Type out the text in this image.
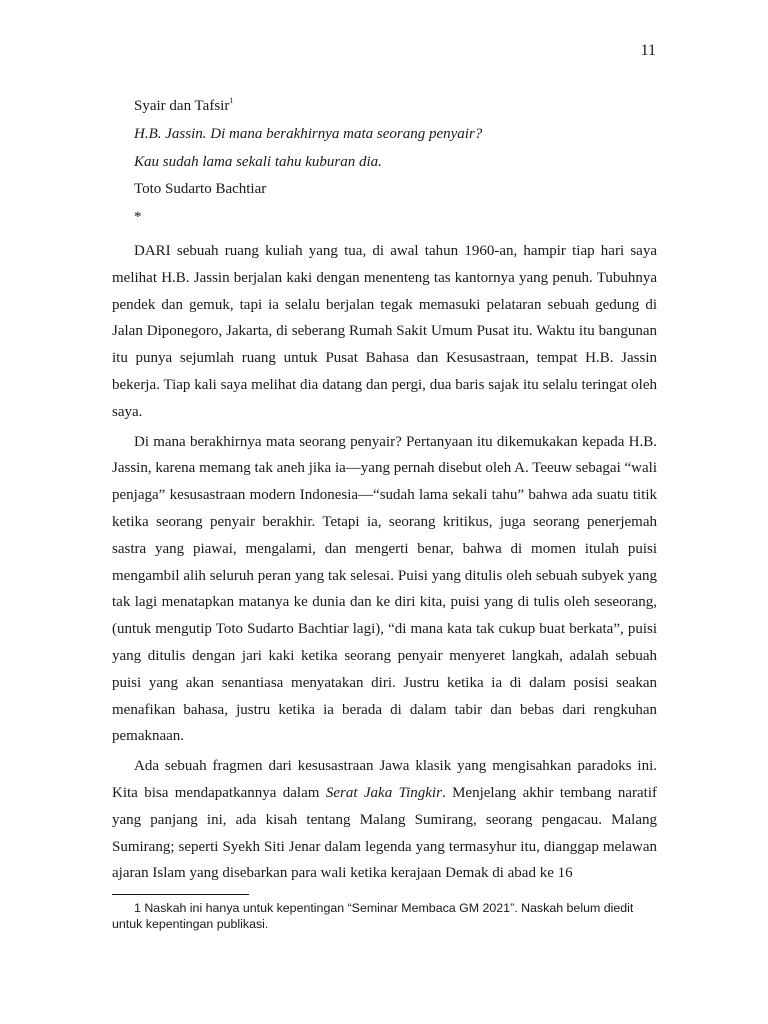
11

Syair dan Tafsir$^1$

H.B. Jassin. Di mana berakhirnya mata seorang penyair?

Kau sudah lama sekali tahu kuburan dia.

Toto Sudarto Bachtiar

*

DARI sebuah ruang kuliah yang tua, di awal tahun 1960-an, hampir tiap hari saya melihat H.B. Jassin berjalan kaki dengan menenteng tas kantornya yang penuh. Tubuhnya pendek dan gemuk, tapi ia selalu berjalan tegak memasuki pelataran sebuah gedung di Jalan Diponegoro, Jakarta, di seberang Rumah Sakit Umum Pusat itu. Waktu itu bangunan itu punya sejumlah ruang untuk Pusat Bahasa dan Kesusastraan, tempat H.B. Jassin bekerja. Tiap kali saya melihat dia datang dan pergi, dua baris sajak itu selalu teringat oleh saya.

Di mana berakhirnya mata seorang penyair? Pertanyaan itu dikemukakan kepada H.B. Jassin, karena memang tak aneh jika ia—yang pernah disebut oleh A. Teeuw sebagai “wali penjaga” kesusastraan modern Indonesia—“sudah lama sekali tahu” bahwa ada suatu titik ketika seorang penyair berakhir. Tetapi ia, seorang kritikus, juga seorang penerjemah sastra yang piawai, mengalami, dan mengerti benar, bahwa di momen itulah puisi mengambil alih seluruh peran yang tak selesai. Puisi yang ditulis oleh sebuah subyek yang tak lagi menatapkan matanya ke dunia dan ke diri kita, puisi yang di tulis oleh seseorang, (untuk mengutip Toto Sudarto Bachtiar lagi), “di mana kata tak cukup buat berkata”, puisi yang ditulis dengan jari kaki ketika seorang penyair menyeret langkah, adalah sebuah puisi yang akan senantiasa menyatakan diri. Justru ketika ia di dalam posisi seakan menafikan bahasa, justru ketika ia berada di dalam tabir dan bebas dari rengkuhan pemaknaan.

Ada sebuah fragmen dari kesusastraan Jawa klasik yang mengisahkan paradoks ini. Kita bisa mendapatkannya dalam Serat Jaka Tingkir. Menjelang akhir tembang naratif yang panjang ini, ada kisah tentang Malang Sumirang, seorang pengacau. Malang Sumirang; seperti Syekh Siti Jenar dalam legenda yang termasyhur itu, dianggap melawan ajaran Islam yang disebarkan para wali ketika kerajaan Demak di abad ke 16

1 Naskah ini hanya untuk kepentingan “Seminar Membaca GM 2021”. Naskah belum diedit untuk kepentingan publikasi.
